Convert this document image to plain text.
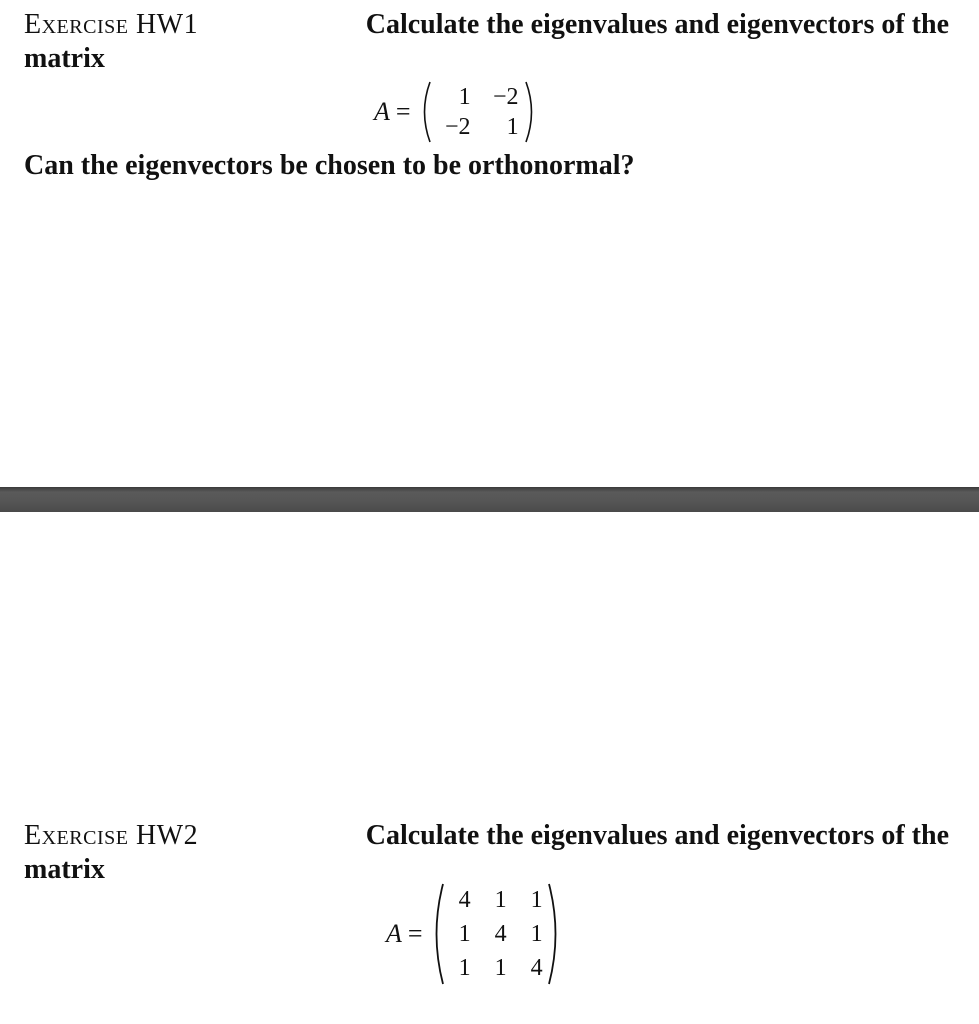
Exercise HW1	Calculate the eigenvalues and eigenvectors of the
matrix
A =	1 −2
−2	1
Can the eigenvectors be chosen to be orthonormal?
Exercise HW2	Calculate the eigenvalues and eigenvectors of the
matrix
A =
4	1	1
1	4	1
1	1	4
